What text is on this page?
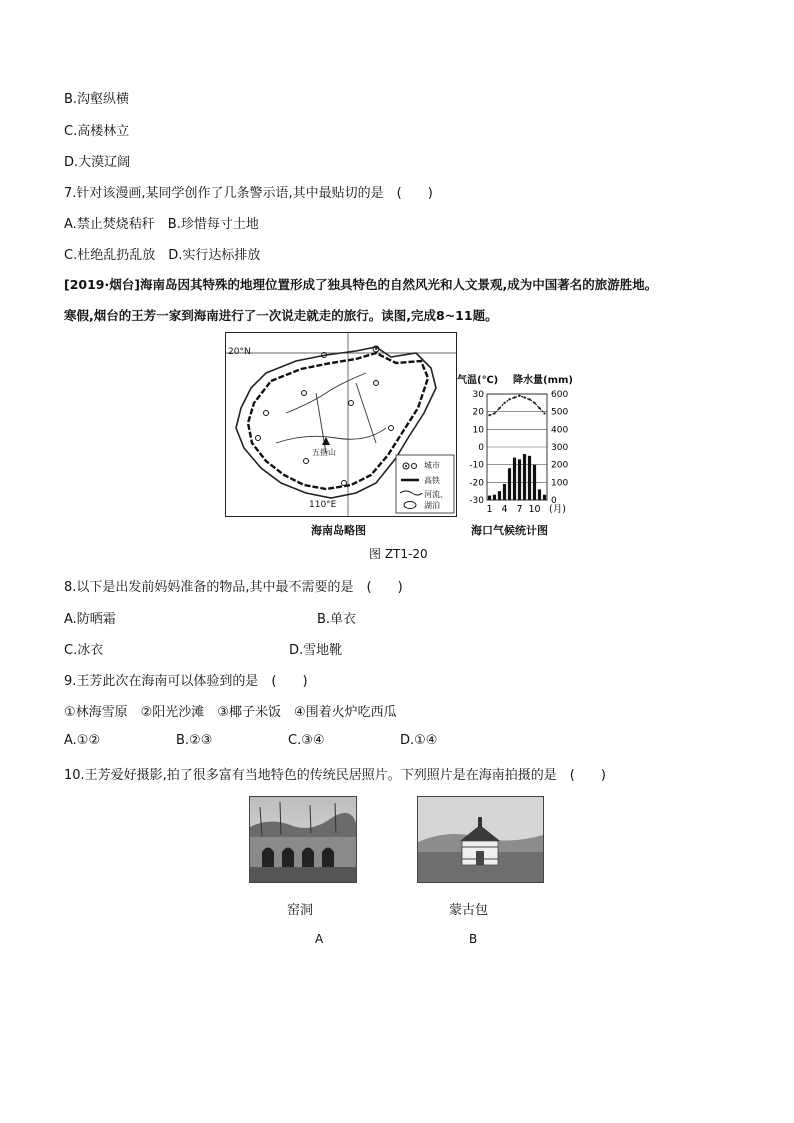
B.沟壑纵横
C.高楼林立
D.大漠辽阔
7.针对该漫画,某同学创作了几条警示语,其中最贴切的是　(　　)
A.禁止焚烧秸秆　B.珍惜每寸土地
C.杜绝乱扔乱放　D.实行达标排放
[2019·烟台]海南岛因其特殊的地理位置形成了独具特色的自然风光和人文景观,成为中国著名的旅游胜地。
寒假,烟台的王芳一家到海南进行了一次说走就走的旅行。读图,完成8~11题。
20°N
110°E
五指山
城市
高铁
河流、
湖泊
海南岛略图
气温(℃) 降水量(mm)
30	600
20	500
10	400
0	300
-10	200
-20	100
-30	0
1 4 7 10 (月)
海口气候统计图
图 ZT1-20
8.以下是出发前妈妈准备的物品,其中最不需要的是　(　　)
A.防晒霜	B.单衣
C.冰衣	D.雪地靴
9.王芳此次在海南可以体验到的是　(　　)
①林海雪原　②阳光沙滩　③椰子米饭　④围着火炉吃西瓜
A.①②	B.②③	C.③④	D.①④
10.王芳爱好摄影,拍了很多富有当地特色的传统民居照片。下列照片是在海南拍摄的是　(　　)
窑洞
A
蒙古包
B
